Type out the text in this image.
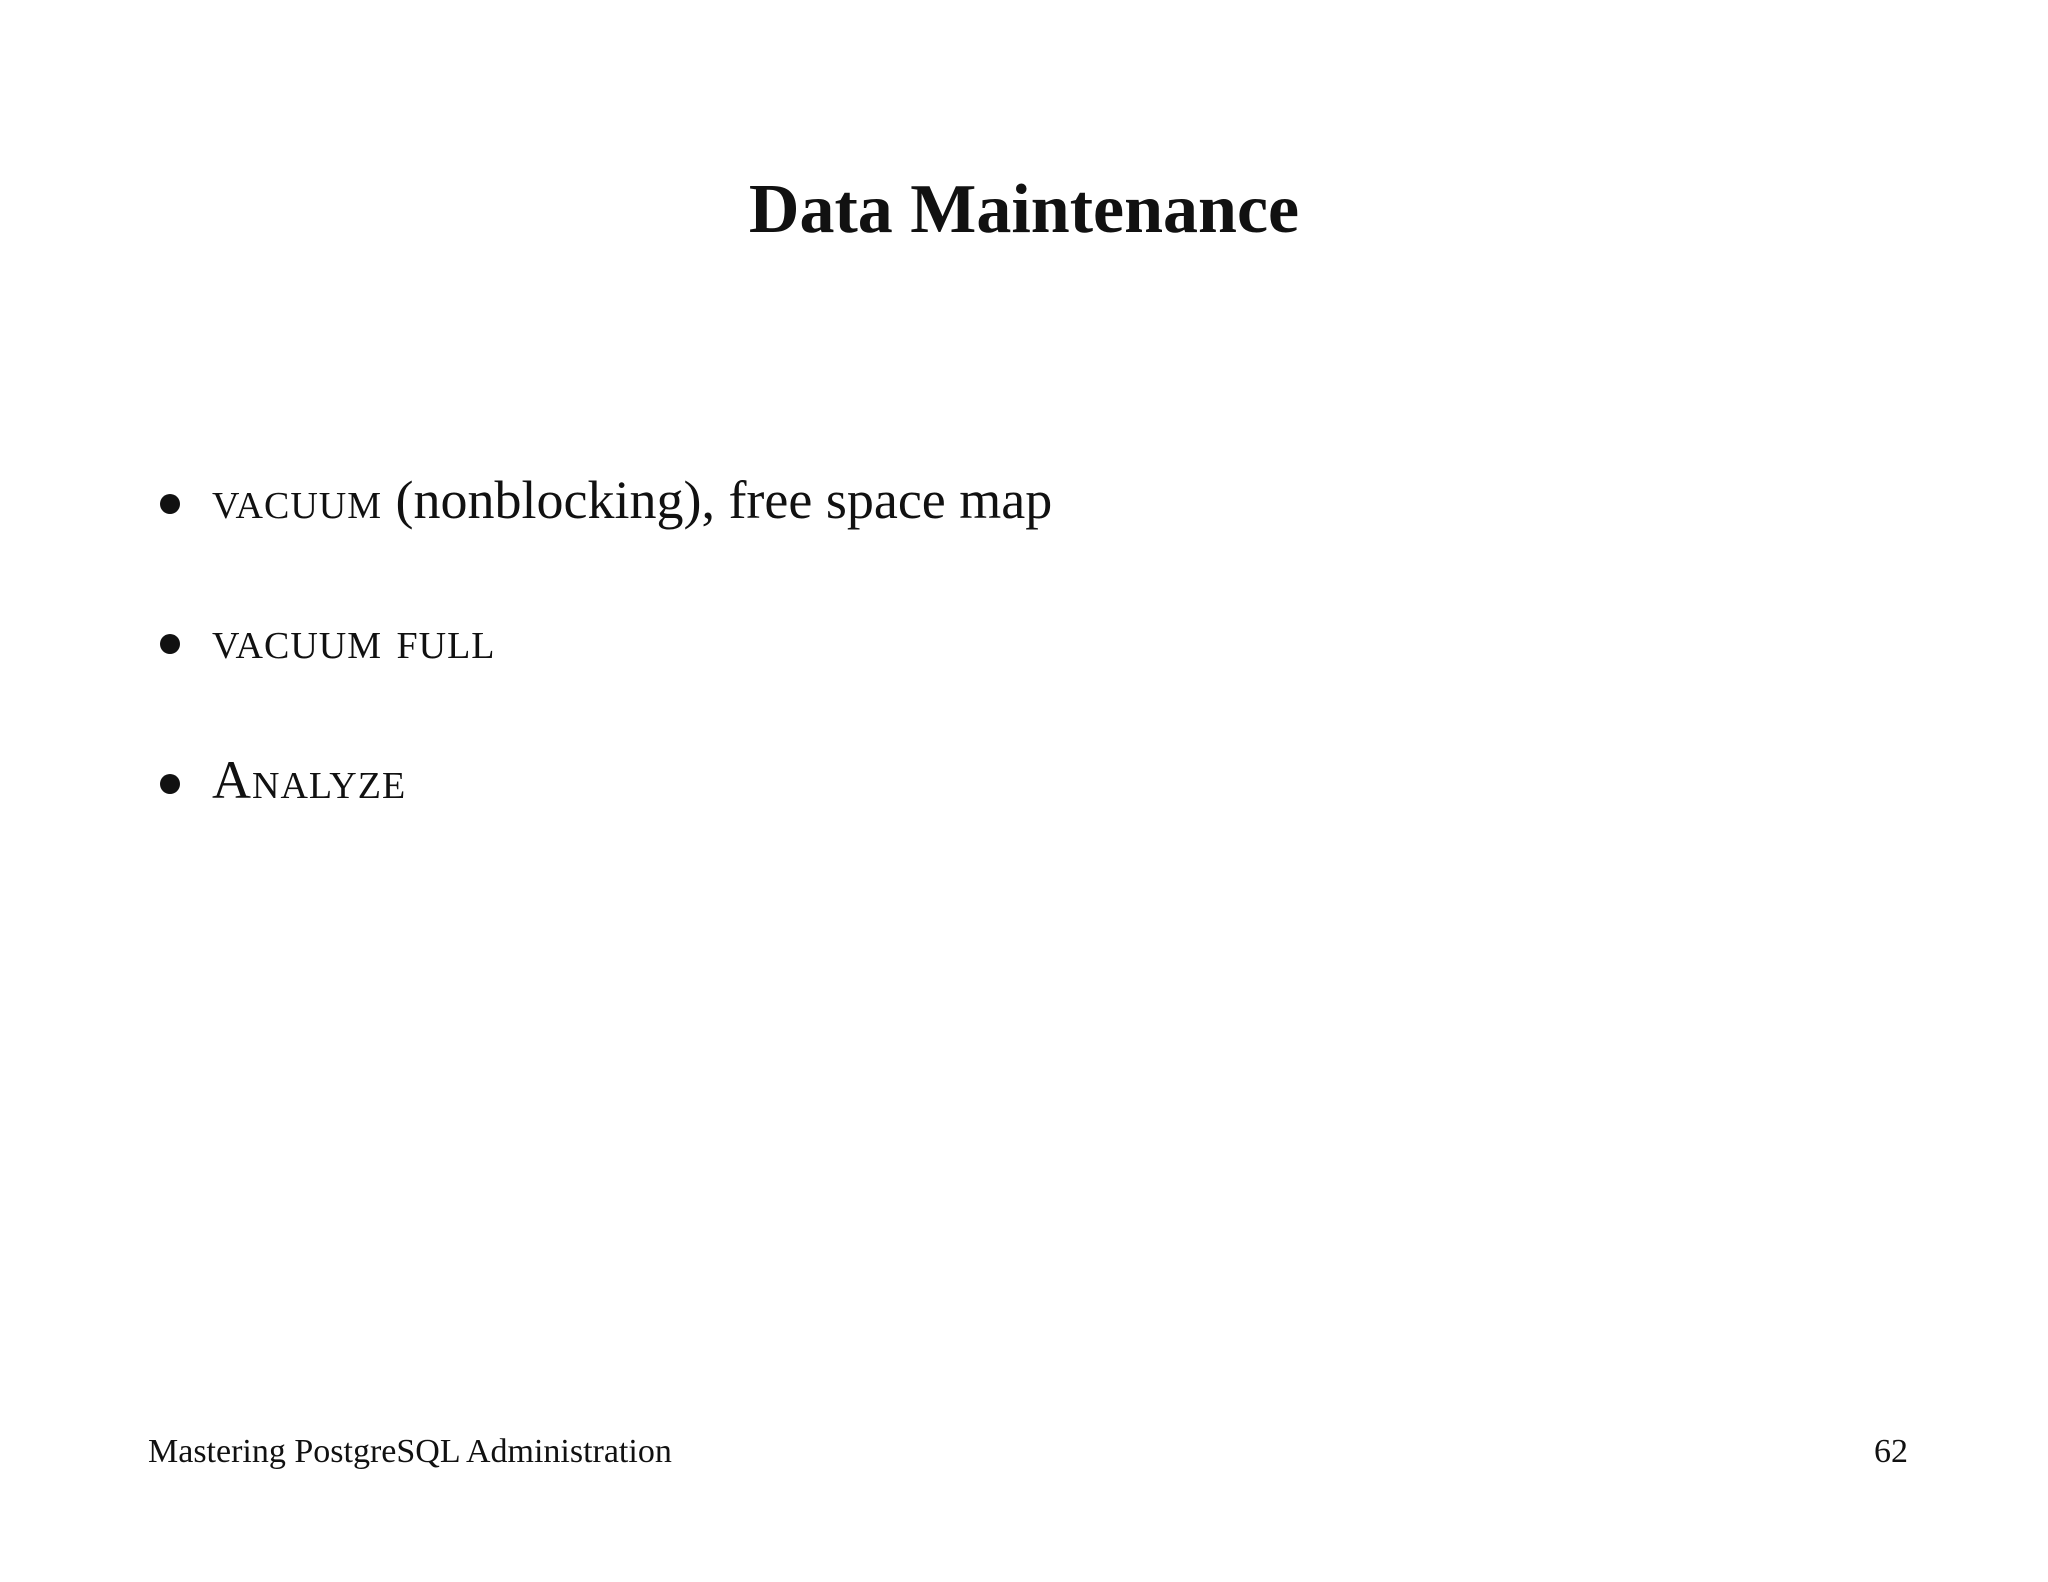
Data Maintenance
vacuum (nonblocking), free space map
vacuum full
Analyze
Mastering PostgreSQL Administration	62
